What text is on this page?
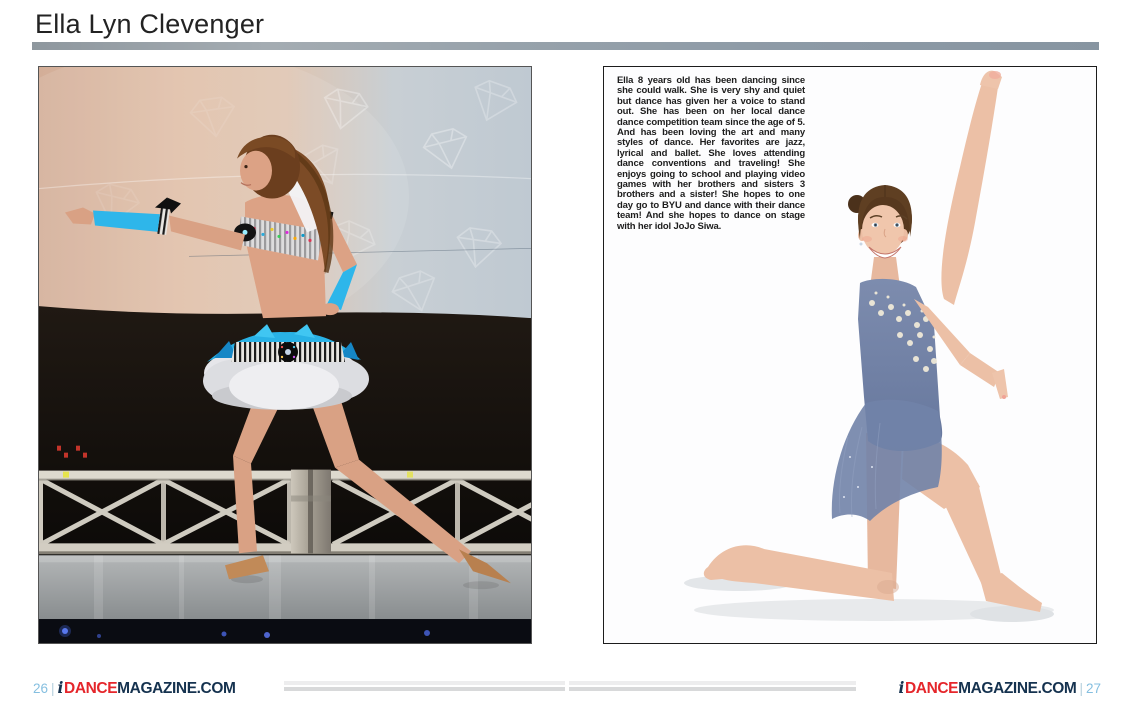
Ella Lyn Clevenger

Ella 8 years old has been dancing since she could walk. She is very shy and quiet but dance has given her a voice to stand out. She has been on her local dance dance competition team since the age of 5. And has been loving the art and many styles of dance. Her favorites are jazz, lyrical and ballet. She loves attending dance conventions and traveling! She enjoys going to school and playing video games with her brothers and sisters 3 brothers and a sister! She hopes to one day go to BYU and dance with their dance team! And she hopes to dance on stage with her idol JoJo Siwa.

26 | iDANCEMAGAZINE.COM	iDANCEMAGAZINE.COM | 27
